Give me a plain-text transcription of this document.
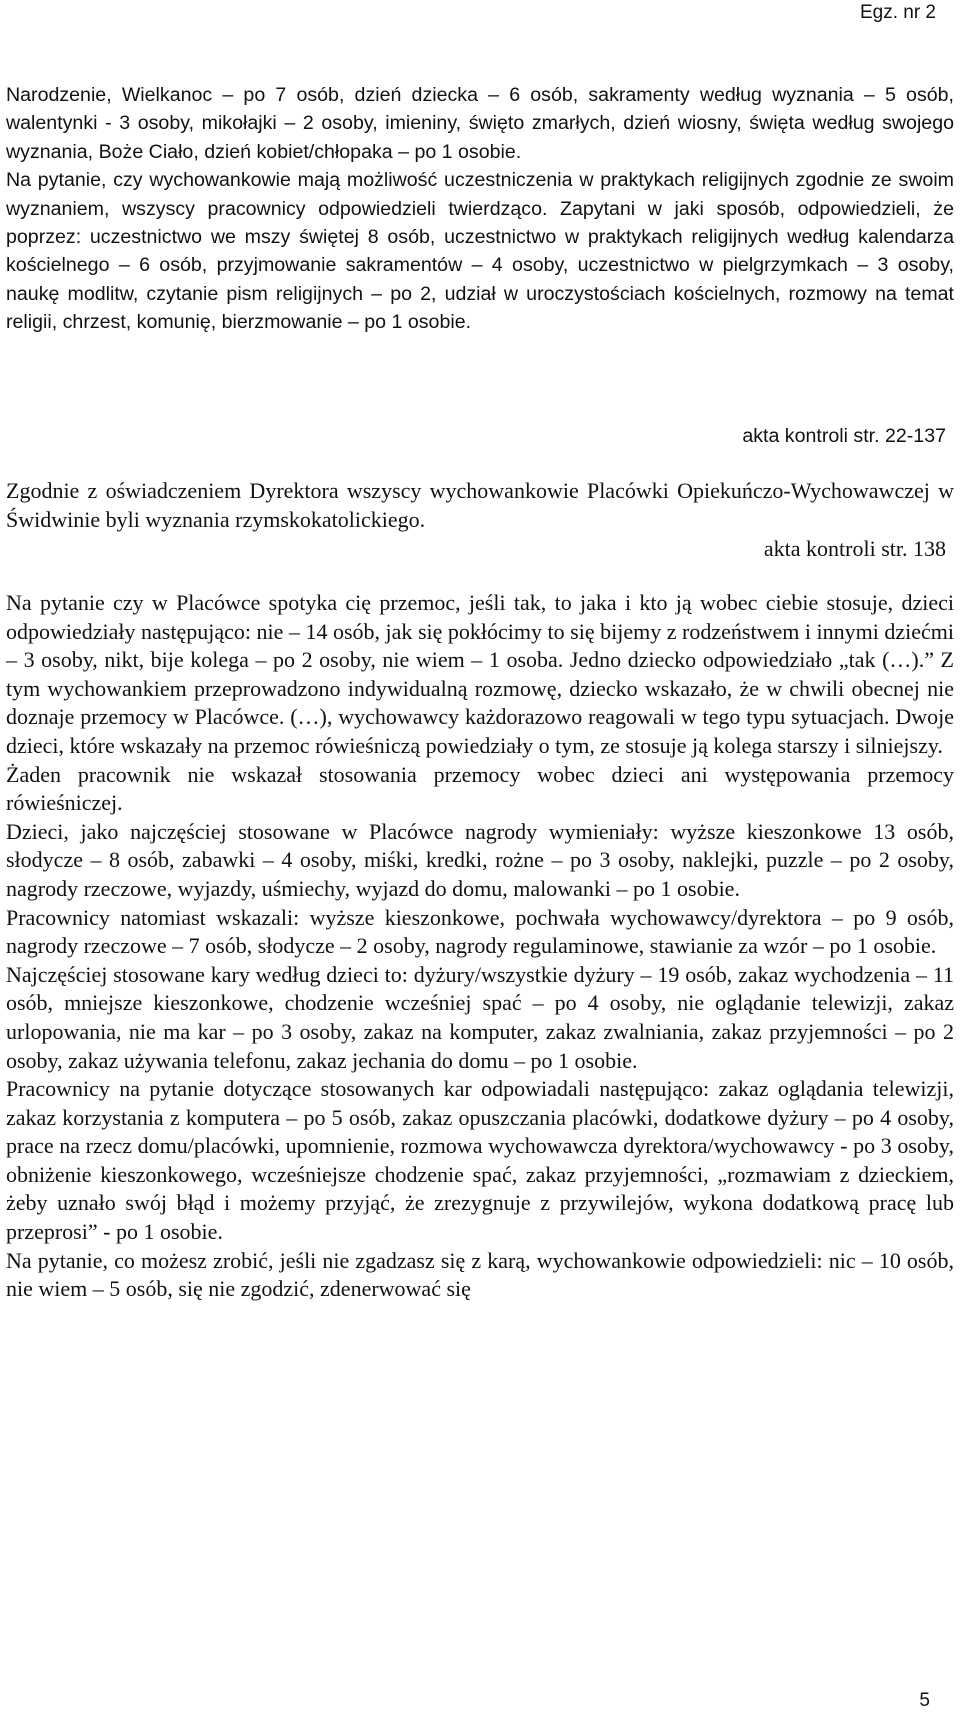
Egz. nr 2
Narodzenie, Wielkanoc – po 7 osób, dzień dziecka – 6 osób, sakramenty według wyznania – 5 osób, walentynki - 3 osoby, mikołajki – 2 osoby, imieniny, święto zmarłych, dzień wiosny, święta według swojego wyznania, Boże Ciało, dzień kobiet/chłopaka – po 1 osobie.
Na pytanie, czy wychowankowie mają możliwość uczestniczenia w praktykach religijnych zgodnie ze swoim wyznaniem, wszyscy pracownicy odpowiedzieli twierdząco. Zapytani w jaki sposób, odpowiedzieli, że poprzez: uczestnictwo we mszy świętej 8 osób, uczestnictwo w praktykach religijnych według kalendarza kościelnego – 6 osób, przyjmowanie sakramentów – 4 osoby, uczestnictwo w pielgrzymkach – 3 osoby, naukę modlitw, czytanie pism religijnych – po 2, udział w uroczystościach kościelnych, rozmowy na temat religii, chrzest, komunię, bierzmowanie – po 1 osobie.
akta kontroli str. 22-137
Zgodnie z oświadczeniem Dyrektora wszyscy wychowankowie Placówki Opiekuńczo-Wychowawczej w Świdwinie byli wyznania rzymskokatolickiego.
akta kontroli str. 138
Na pytanie czy w Placówce spotyka cię przemoc, jeśli tak, to jaka i kto ją wobec ciebie stosuje, dzieci odpowiedziały następująco: nie – 14 osób, jak się pokłócimy to się bijemy z rodzeństwem i innymi dziećmi – 3 osoby, nikt, bije kolega – po 2 osoby, nie wiem – 1 osoba. Jedno dziecko odpowiedziało „tak (…).” Z tym wychowankiem przeprowadzono indywidualną rozmowę, dziecko wskazało, że w chwili obecnej nie doznaje przemocy w Placówce. (…), wychowawcy każdorazowo reagowali w tego typu sytuacjach. Dwoje dzieci, które wskazały na przemoc rówieśniczą powiedziały o tym, ze stosuje ją kolega starszy i silniejszy.
Żaden pracownik nie wskazał stosowania przemocy wobec dzieci ani występowania przemocy rówieśniczej.
Dzieci, jako najczęściej stosowane w Placówce nagrody wymieniały: wyższe kieszonkowe 13 osób, słodycze – 8 osób, zabawki – 4 osoby, miśki, kredki, rożne – po 3 osoby, naklejki, puzzle – po 2 osoby, nagrody rzeczowe, wyjazdy, uśmiechy, wyjazd do domu, malowanki – po 1 osobie.
Pracownicy natomiast wskazali: wyższe kieszonkowe, pochwała wychowawcy/dyrektora – po 9 osób, nagrody rzeczowe – 7 osób, słodycze – 2 osoby, nagrody regulaminowe, stawianie za wzór – po 1 osobie.
Najczęściej stosowane kary według dzieci to: dyżury/wszystkie dyżury – 19 osób, zakaz wychodzenia – 11 osób, mniejsze kieszonkowe, chodzenie wcześniej spać – po 4 osoby, nie oglądanie telewizji, zakaz urlopowania, nie ma kar – po 3 osoby, zakaz na komputer, zakaz zwalniania, zakaz przyjemności – po 2 osoby, zakaz używania telefonu, zakaz jechania do domu – po 1 osobie.
Pracownicy na pytanie dotyczące stosowanych kar odpowiadali następująco: zakaz oglądania telewizji, zakaz korzystania z komputera – po 5 osób, zakaz opuszczania placówki, dodatkowe dyżury – po 4 osoby, prace na rzecz domu/placówki, upomnienie, rozmowa wychowawcza dyrektora/wychowawcy - po 3 osoby, obniżenie kieszonkowego, wcześniejsze chodzenie spać, zakaz przyjemności, „rozmawiam z dzieckiem, żeby uznało swój błąd i możemy przyjąć, że zrezygnuje z przywilejów, wykona dodatkową pracę lub przeprosi” - po 1 osobie.
Na pytanie, co możesz zrobić, jeśli nie zgadzasz się z karą, wychowankowie odpowiedzieli: nic – 10 osób, nie wiem – 5 osób, się nie zgodzić, zdenerwować się
5
